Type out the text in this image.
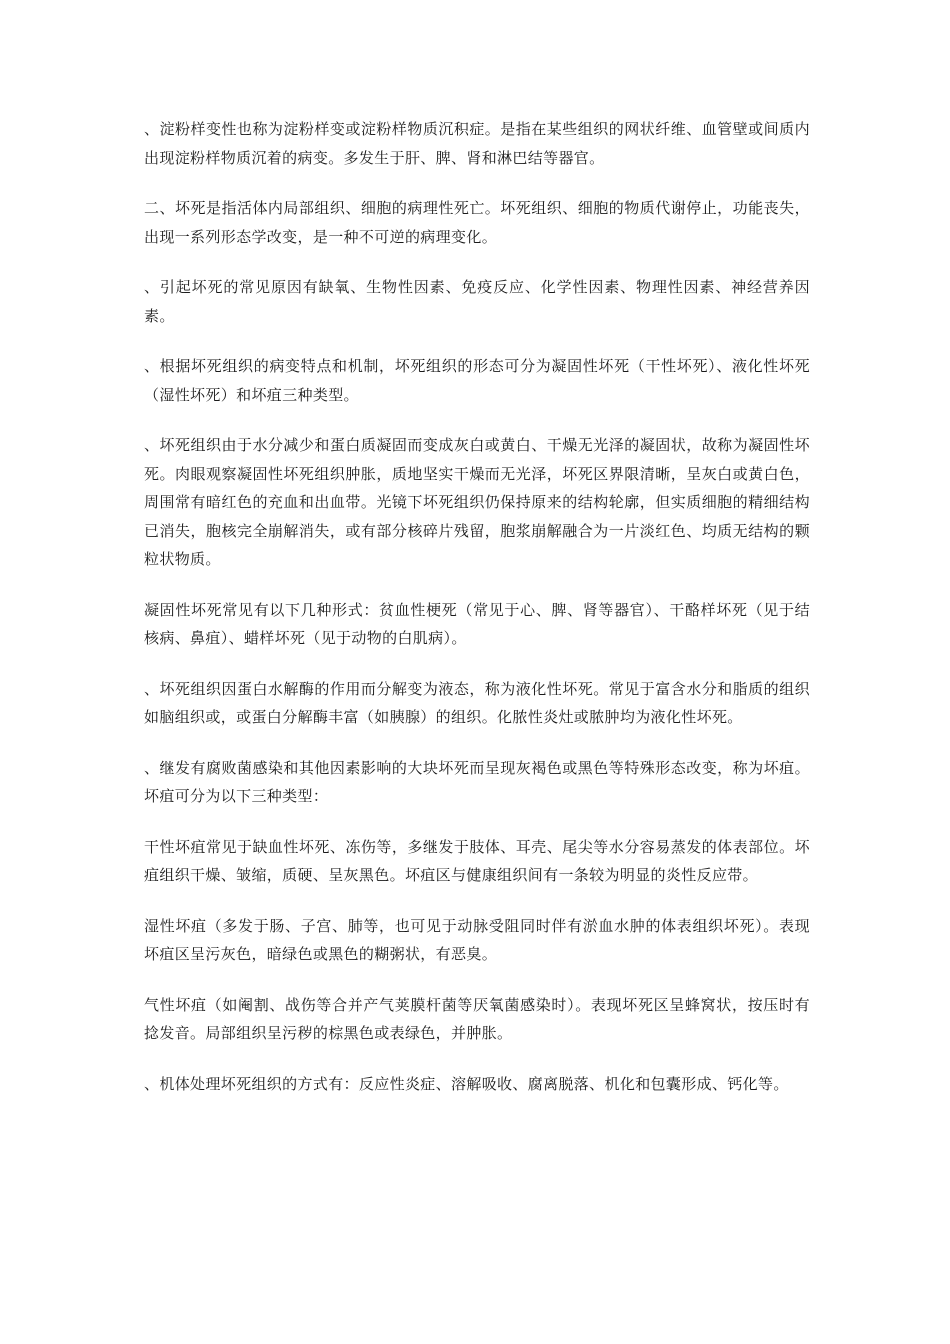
、淀粉样变性也称为淀粉样变或淀粉样物质沉积症。是指在某些组织的网状纤维、血管壁或间质内出现淀粉样物质沉着的病变。多发生于肝、脾、肾和淋巴结等器官。

二、坏死是指活体内局部组织、细胞的病理性死亡。坏死组织、细胞的物质代谢停止，功能丧失，出现一系列形态学改变，是一种不可逆的病理变化。

、引起坏死的常见原因有缺氧、生物性因素、免疫反应、化学性因素、物理性因素、神经营养因素。

、根据坏死组织的病变特点和机制，坏死组织的形态可分为凝固性坏死（干性坏死）、液化性坏死（湿性坏死）和坏疽三种类型。

、坏死组织由于水分减少和蛋白质凝固而变成灰白或黄白、干燥无光泽的凝固状，故称为凝固性坏死。肉眼观察凝固性坏死组织肿胀，质地坚实干燥而无光泽，坏死区界限清晰，呈灰白或黄白色，周围常有暗红色的充血和出血带。光镜下坏死组织仍保持原来的结构轮廓，但实质细胞的精细结构已消失，胞核完全崩解消失，或有部分核碎片残留，胞浆崩解融合为一片淡红色、均质无结构的颗粒状物质。

凝固性坏死常见有以下几种形式：贫血性梗死（常见于心、脾、肾等器官）、干酪样坏死（见于结核病、鼻疽）、蜡样坏死（见于动物的白肌病）。

、坏死组织因蛋白水解酶的作用而分解变为液态，称为液化性坏死。常见于富含水分和脂质的组织如脑组织或，或蛋白分解酶丰富（如胰腺）的组织。化脓性炎灶或脓肿均为液化性坏死。

、继发有腐败菌感染和其他因素影响的大块坏死而呈现灰褐色或黑色等特殊形态改变，称为坏疽。坏疽可分为以下三种类型：

干性坏疽常见于缺血性坏死、冻伤等，多继发于肢体、耳壳、尾尖等水分容易蒸发的体表部位。坏疽组织干燥、皱缩，质硬、呈灰黑色。坏疽区与健康组织间有一条较为明显的炎性反应带。

湿性坏疽（多发于肠、子宫、肺等，也可见于动脉受阻同时伴有淤血水肿的体表组织坏死）。表现坏疽区呈污灰色，暗绿色或黑色的糊粥状，有恶臭。

气性坏疽（如阉割、战伤等合并产气荚膜杆菌等厌氧菌感染时）。表现坏死区呈蜂窝状，按压时有捻发音。局部组织呈污秽的棕黑色或表绿色，并肿胀。

、机体处理坏死组织的方式有：反应性炎症、溶解吸收、腐离脱落、机化和包囊形成、钙化等。
